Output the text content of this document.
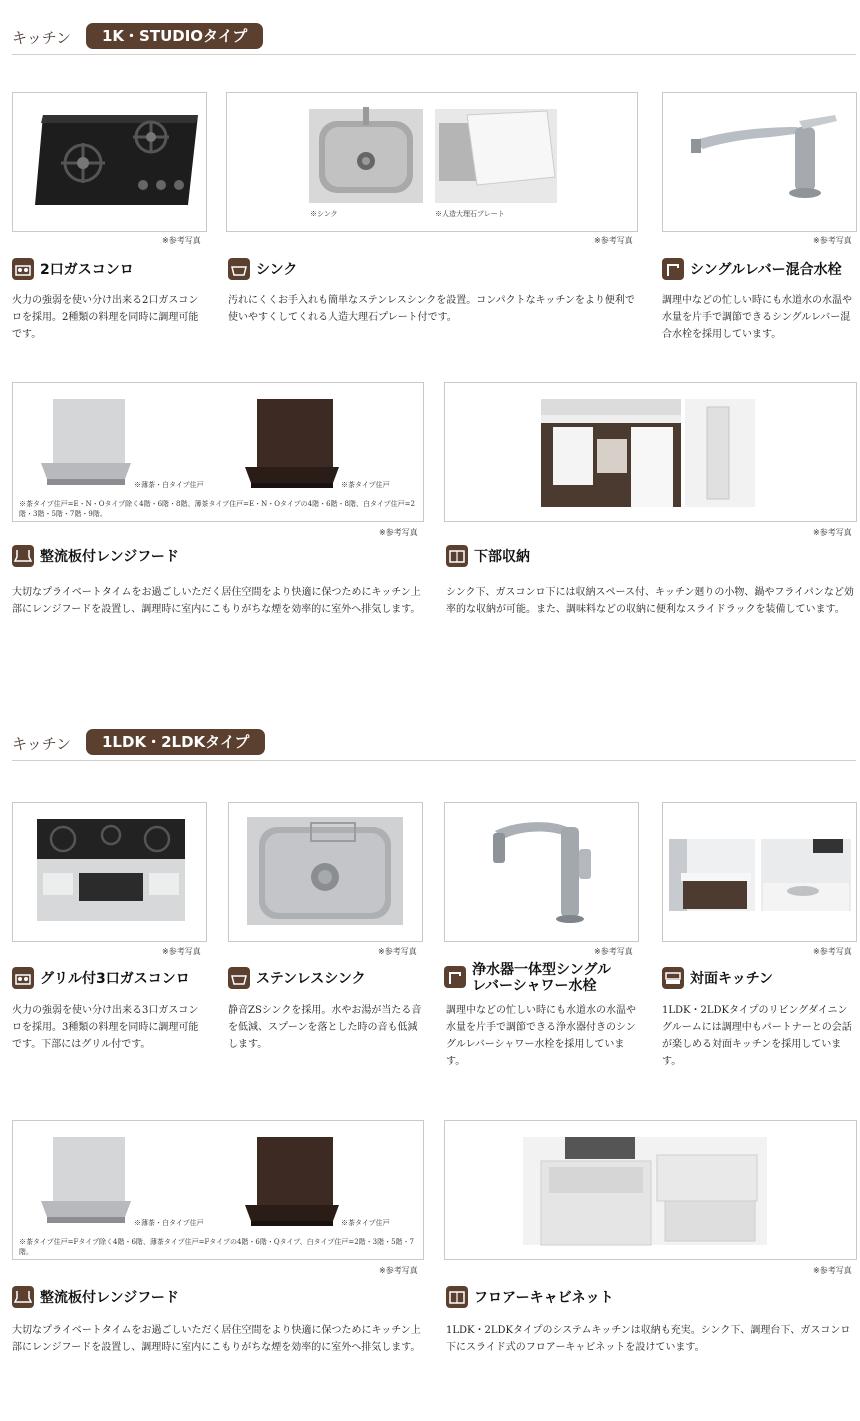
キッチン	1K・STUDIOタイプ
※参考写真
※シンク	※人造大理石プレート
※参考写真	※参考写真
2口ガスコンロ
火力の強弱を使い分け出来る2口ガスコンロを採用。2種類の料理を同時に調理可能です。
シンク
汚れにくくお手入れも簡単なステンレスシンクを設置。コンパクトなキッチンをより便利で使いやすくしてくれる人造大理石プレート付です。
シングルレバー混合水栓
調理中などの忙しい時にも水道水の水温や水量を片手で調節できるシングルレバー混合水栓を採用しています。
※薄茶・白タイプ住戸	※茶タイプ住戸
※茶タイプ住戸=E・N・Oタイプ除く4階・6階・8階、薄茶タイプ住戸=E・N・Oタイプの4階・6階・8階、白タイプ住戸=2階・3階・5階・7階・9階。
※参考写真	※参考写真
整流板付レンジフード
大切なプライベートタイムをお過ごしいただく居住空間をより快適に保つためにキッチン上部にレンジフードを設置し、調理時に室内にこもりがちな煙を効率的に室外へ排気します。
下部収納
シンク下、ガスコンロ下には収納スペース付、キッチン廻りの小物、鍋やフライパンなど効率的な収納が可能。また、調味料などの収納に便利なスライドラックを装備しています。
キッチン	1LDK・2LDKタイプ
※参考写真	※参考写真	※参考写真	※参考写真
グリル付3口ガスコンロ
火力の強弱を使い分け出来る3口ガスコンロを採用。3種類の料理を同時に調理可能です。下部にはグリル付です。
ステンレスシンク
静音ZSシンクを採用。水やお湯が当たる音を低減、スプーンを落とした時の音も低減します。
浄水器一体型シングル
レバーシャワー水栓
調理中などの忙しい時にも水道水の水温や水量を片手で調節できる浄水器付きのシングルレバーシャワー水栓を採用しています。
対面キッチン
1LDK・2LDKタイプのリビングダイニングルームには調理中もパートナーとの会話が楽しめる対面キッチンを採用しています。
※薄茶・白タイプ住戸	※茶タイプ住戸
※茶タイプ住戸=Fタイプ除く4階・6階、薄茶タイプ住戸=Fタイプの4階・6階・Qタイプ、白タイプ住戸=2階・3階・5階・7階。
※参考写真	※参考写真
整流板付レンジフード
大切なプライベートタイムをお過ごしいただく居住空間をより快適に保つためにキッチン上部にレンジフードを設置し、調理時に室内にこもりがちな煙を効率的に室外へ排気します。
フロアーキャビネット
1LDK・2LDKタイプのシステムキッチンは収納も充実。シンク下、調理台下、ガスコンロ下にスライド式のフロアーキャビネットを設けています。
